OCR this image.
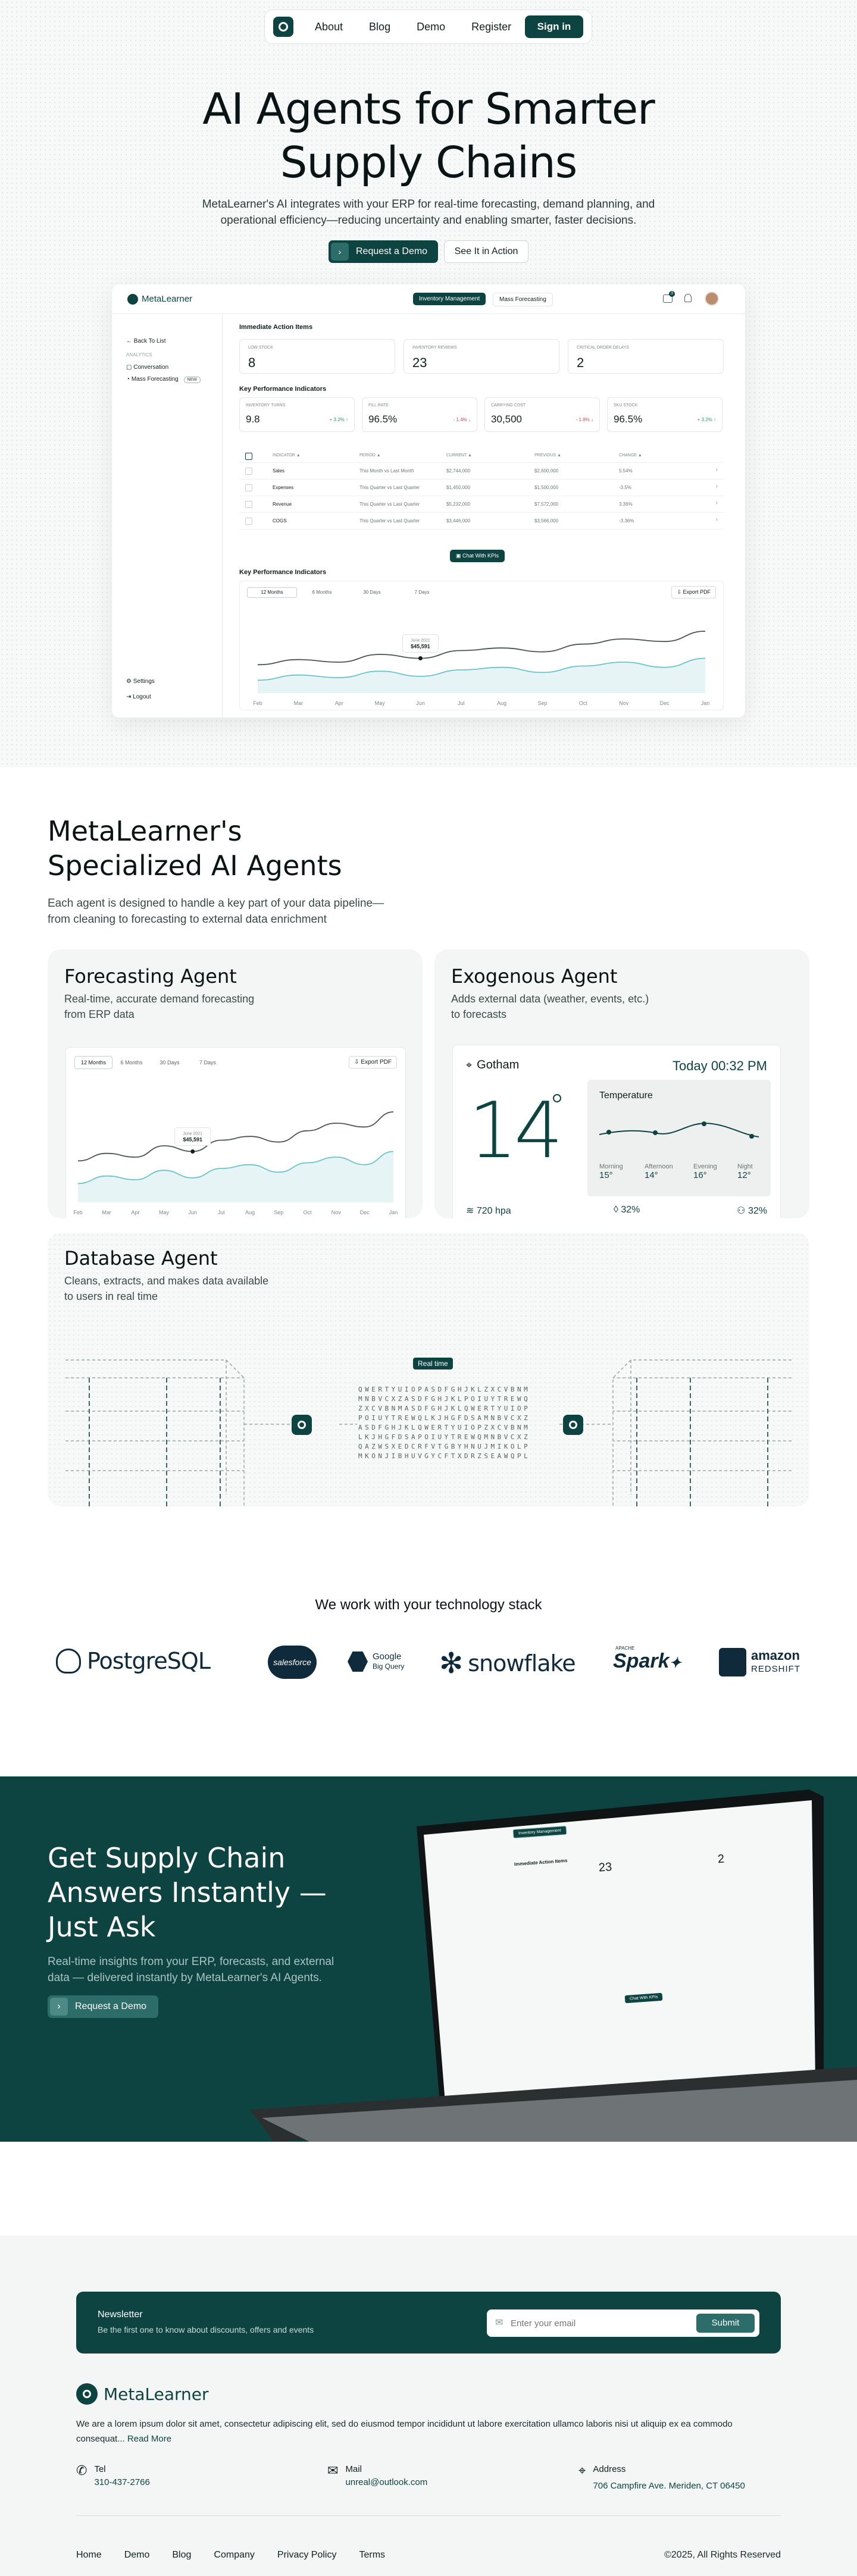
About Blog Demo Register	Sign in
AI Agents for Smarter
Supply Chains
MetaLearner's AI integrates with your ERP for real-time forecasting, demand planning, and operational efficiency—reducing uncertainty and enabling smarter, faster decisions.
›	Request a Demo	See It in Action
MetaLearner	Inventory Management	Mass Forecasting
3
← Back To List
ANALYTICS
▢ Conversation
◔ Mass Forecasting NEW
⚙ Settings
⇥ Logout
Immediate Action Items
LOW STOCK
8
INVENTORY REVIEWS
23
CRITICAL ORDER DELAYS
2
Key Performance Indicators
INVENTORY TURNS
9.8	+ 3.2% ↑
FILL RATE
96.5%	- 1.4% ↓
CARRYING COST
30,500	- 1.8% ↓
SKU STOCK
96.5%	+ 3.2% ↑
INDICATOR ▲	PERIOD ▲	CURRENT ▲	PREVIOUS ▲	CHANGE ▲
Sales	This Month vs Last Month	$2,744,000	$2,600,000	5.54%	›
Expenses	This Quarter vs Last Quarter	$1,450,000	$1,500,000	-3.5%	›
Revenue	This Quarter vs Last Quarter	$5,232,000	$7,572,000	3.36%	›
COGS	This Quarter vs Last Quarter	$3,446,000	$3,566,000	-3.36%	›
▣ Chat With KPIs
Key Performance Indicators
12 Months	6 Months	30 Days	7 Days	⇩ Export PDF
Feb	Mar	Apr	May	Jun	Jul	Aug	Sep	Oct	Nov	Dec	Jan
June 2021
$45,591
MetaLearner's
Specialized AI Agents
Each agent is designed to handle a key part of your data pipeline—
from cleaning to forecasting to external data enrichment
Forecasting Agent

Real-time, accurate demand forecasting
from ERP data

12 Months	6 Months	30 Days	7 Days	⇩ Export PDF
Feb	Mar	Apr	May	Jun	Jul	Aug	Sep	Oct	Nov	Dec	Jan
June 2021
$45,591
Exogenous Agent

Adds external data (weather, events, etc.)
to forecasts

⌖ Gotham	Today 00:32 PM
14	Temperature
Morning
15°
Afternoon
14°
Evening
16°
Night
12°
≋ 720 hpa	◊ 32%	⚇ 32%
Database Agent

Cleans, extracts, and makes data available
to users in real time

Real time
QWERTYUIOPASDFGHJKLZXCVBNM
MNBVCXZASDFGHJKLPOIUYTREWQ
ZXCVBNMASDFGHJKLQWERTYUIOP
POIUYTREWQLKJHGFDSAMNBVCXZ
ASDFGHJKLQWERTYUIOPZXCVBNM
LKJHGFDSAPOIUYTREWQMNBVCXZ
QAZWSXEDCRFVTGBYHNUJMIKOLP
MKONJIBHUVGYCFTXDRZSEAWQPL
We work with your technology stack
PostgreSQL	salesforce
Google
Big Query ✻ snowflake
APACHE
Spark✦	amazon
REDSHIFT
Get Supply Chain
Answers Instantly —
Just Ask
Real-time insights from your ERP, forecasts, and external
data — delivered instantly by MetaLearner's AI Agents.
›	Request a Demo
Inventory Management
Immediate Action Items	23
2
Chat With KPIs
Newsletter
Be the first one to know about discounts, offers and events
✉
Enter your email	Submit
MetaLearner
We are a lorem ipsum dolor sit amet, consectetur adipiscing elit, sed do eiusmod tempor incididunt ut labore exercitation ullamco laboris nisi ut aliquip ex ea commodo consequat... Read More
✆ Tel
310-437-2766
✉ Mail
unreal@outlook.com
⌖ Address
706 Campfire Ave. Meriden, CT 06450
Home Demo Blog Company Privacy Policy Terms	©2025, All Rights Reserved
